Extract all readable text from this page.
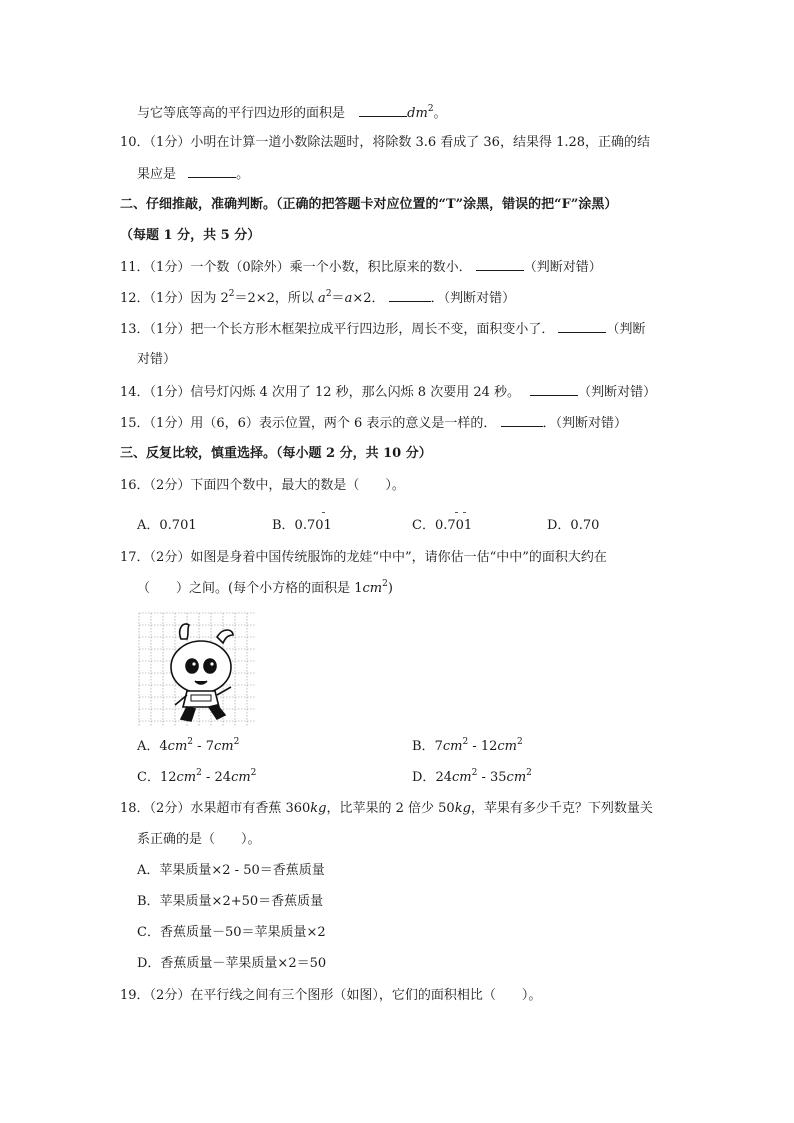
与它等底等高的平行四边形的面积是	$dm^2$。
10．（1分）小明在计算一道小数除法题时，将除数 3.6 看成了 36，结果得 1.28，正确的结
果应是	。
二、仔细推敲，准确判断。（正确的把答题卡对应位置的“T”涂黑，错误的把“F”涂黑）
（每题 1 分，共 5 分）
11．（1分）一个数（0除外）乘一个小数，积比原来的数小．	（判断对错）
12．（1分）因为 $2^2=2\times 2$，所以 $a^2=a\times 2$．	．（判断对错）
13．（1分）把一个长方形木框架拉成平行四边形，周长不变，面积变小了．	（判断
对错）
14．（1分）信号灯闪烁 4 次用了 12 秒，那么闪烁 8 次要用 24 秒。	（判断对错）
15．（1分）用（6，6）表示位置，两个 6 表示的意义是一样的．	．（判断对错）
三、反复比较，慎重选择。（每小题 2 分，共 10 分）
16．（2分）下面四个数中，最大的数是（　　）。
A．0.701	B．0.701	C．0.701	D．0.70
17．（2分）如图是身着中国传统服饰的龙娃“中中”，请你估一估“中中”的面积大约在
（　　）之间。(每个小方格的面积是 $1cm^2$)
A．$4cm^2 - 7cm^2$	B．$7cm^2 - 12cm^2$
C．$12cm^2 - 24cm^2$	D．$24cm^2 - 35cm^2$
18．（2分）水果超市有香蕉 360kg，比苹果的 2 倍少 50kg，苹果有多少千克？下列数量关
系正确的是（　　）。
A．苹果质量×2 - 50＝香蕉质量
B．苹果质量×2+50＝香蕉质量
C．香蕉质量－50＝苹果质量×2
D．香蕉质量－苹果质量×2＝50
19．（2分）在平行线之间有三个图形（如图），它们的面积相比（　　）。
